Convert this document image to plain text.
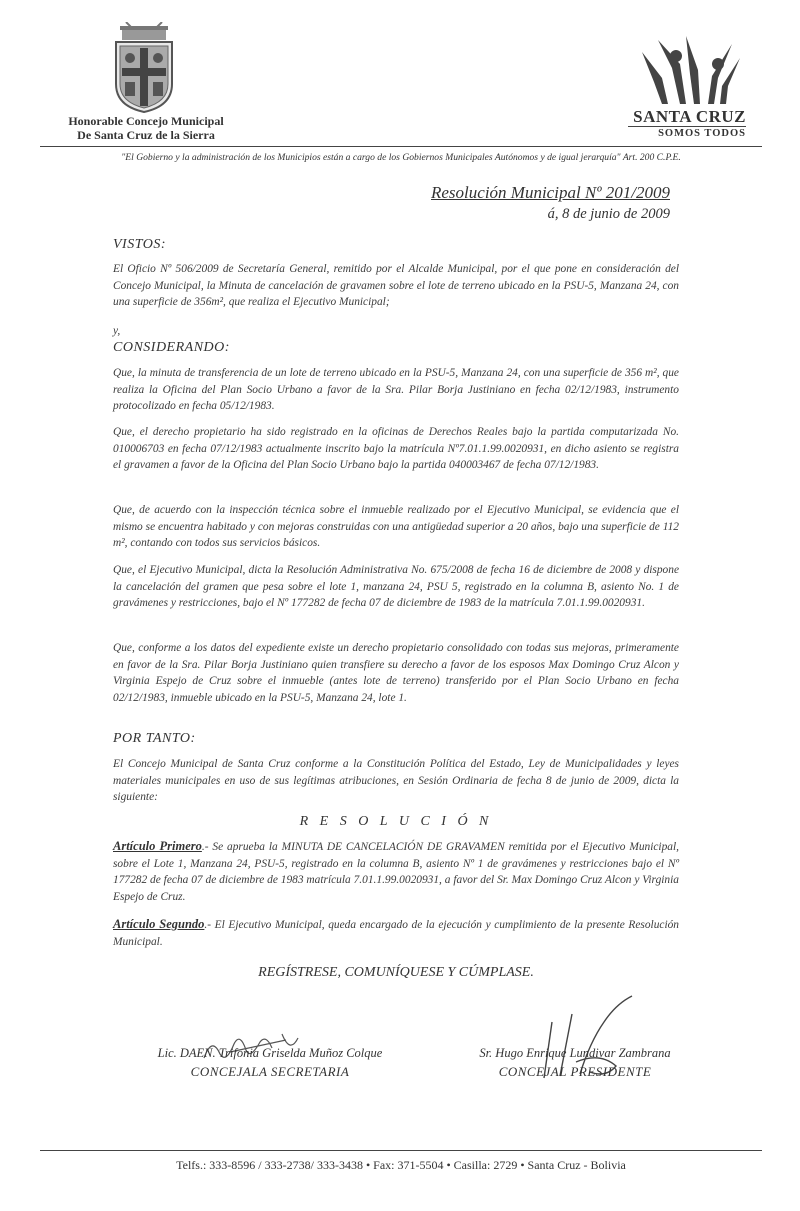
Honorable Concejo Municipal
De Santa Cruz de la Sierra
SANTA CRUZ
SOMOS TODOS
"El Gobierno y la administración de los Municipios están a cargo de los Gobiernos Municipales Autónomos y de igual jerarquía" Art. 200 C.P.E.
Resolución Municipal Nº 201/2009
á, 8 de junio de 2009
VISTOS:

El Oficio Nº 506/2009 de Secretaría General, remitido por el Alcalde Municipal, por el que pone en consideración del Concejo Municipal, la Minuta de cancelación de gravamen sobre el lote de terreno ubicado en la PSU-5, Manzana 24, con una superficie de 356m², que realiza el Ejecutivo Municipal;

y,
CONSIDERANDO:

Que, la minuta de transferencia de un lote de terreno ubicado en la PSU-5, Manzana 24, con una superficie de 356 m², que realiza la Oficina del Plan Socio Urbano a favor de la Sra. Pilar Borja Justiniano en fecha 02/12/1983, instrumento protocolizado en fecha 05/12/1983.

Que, el derecho propietario ha sido registrado en la oficinas de Derechos Reales bajo la partida computarizada No. 010006703 en fecha 07/12/1983 actualmente inscrito bajo la matrícula Nº7.01.1.99.0020931, en dicho asiento se registra el gravamen a favor de la Oficina del Plan Socio Urbano bajo la partida 040003467 de fecha 07/12/1983.

Que, de acuerdo con la inspección técnica sobre el inmueble realizado por el Ejecutivo Municipal, se evidencia que el mismo se encuentra habitado y con mejoras construidas con una antigüedad superior a 20 años, bajo una superficie de 112 m², contando con todos sus servicios básicos.

Que, el Ejecutivo Municipal, dicta la Resolución Administrativa No. 675/2008 de fecha 16 de diciembre de 2008 y dispone la cancelación del gramen que pesa sobre el lote 1, manzana 24, PSU 5, registrado en la columna B, asiento No. 1 de gravámenes y restricciones, bajo el Nº 177282 de fecha 07 de diciembre de 1983 de la matrícula 7.01.1.99.0020931.

Que, conforme a los datos del expediente existe un derecho propietario consolidado con todas sus mejoras, primeramente en favor de la Sra. Pilar Borja Justiniano quien transfiere su derecho a favor de los esposos Max Domingo Cruz Alcon y Virginia Espejo de Cruz sobre el inmueble (antes lote de terreno) transferido por el Plan Socio Urbano en fecha 02/12/1983, inmueble ubicado en la PSU-5, Manzana 24, lote 1.

POR TANTO:

El Concejo Municipal de Santa Cruz conforme a la Constitución Política del Estado, Ley de Municipalidades y leyes materiales municipales en uso de sus legítimas atribuciones, en Sesión Ordinaria de fecha 8 de junio de 2009, dicta la siguiente:

R E S O L U C I Ó N

Artículo Primero.- Se aprueba la MINUTA DE CANCELACIÓN DE GRAVAMEN remitida por el Ejecutivo Municipal, sobre el Lote 1, Manzana 24, PSU-5, registrado en la columna B, asiento Nº 1 de gravámenes y restricciones bajo el Nº 177282 de fecha 07 de diciembre de 1983 matrícula 7.01.1.99.0020931, a favor del Sr. Max Domingo Cruz Alcon y Virginia Espejo de Cruz.

Artículo Segundo.- El Ejecutivo Municipal, queda encargado de la ejecución y cumplimiento de la presente Resolución Municipal.

REGÍSTRESE, COMUNÍQUESE Y CÚMPLASE.
Lic. DAEN. Trifonia Griselda Muñoz Colque
CONCEJALA SECRETARIA
Sr. Hugo Enrique Lundivar Zambrana
CONCEJAL PRESIDENTE
Telfs.: 333-8596 / 333-2738/ 333-3438 • Fax: 371-5504 • Casilla: 2729 • Santa Cruz - Bolivia
